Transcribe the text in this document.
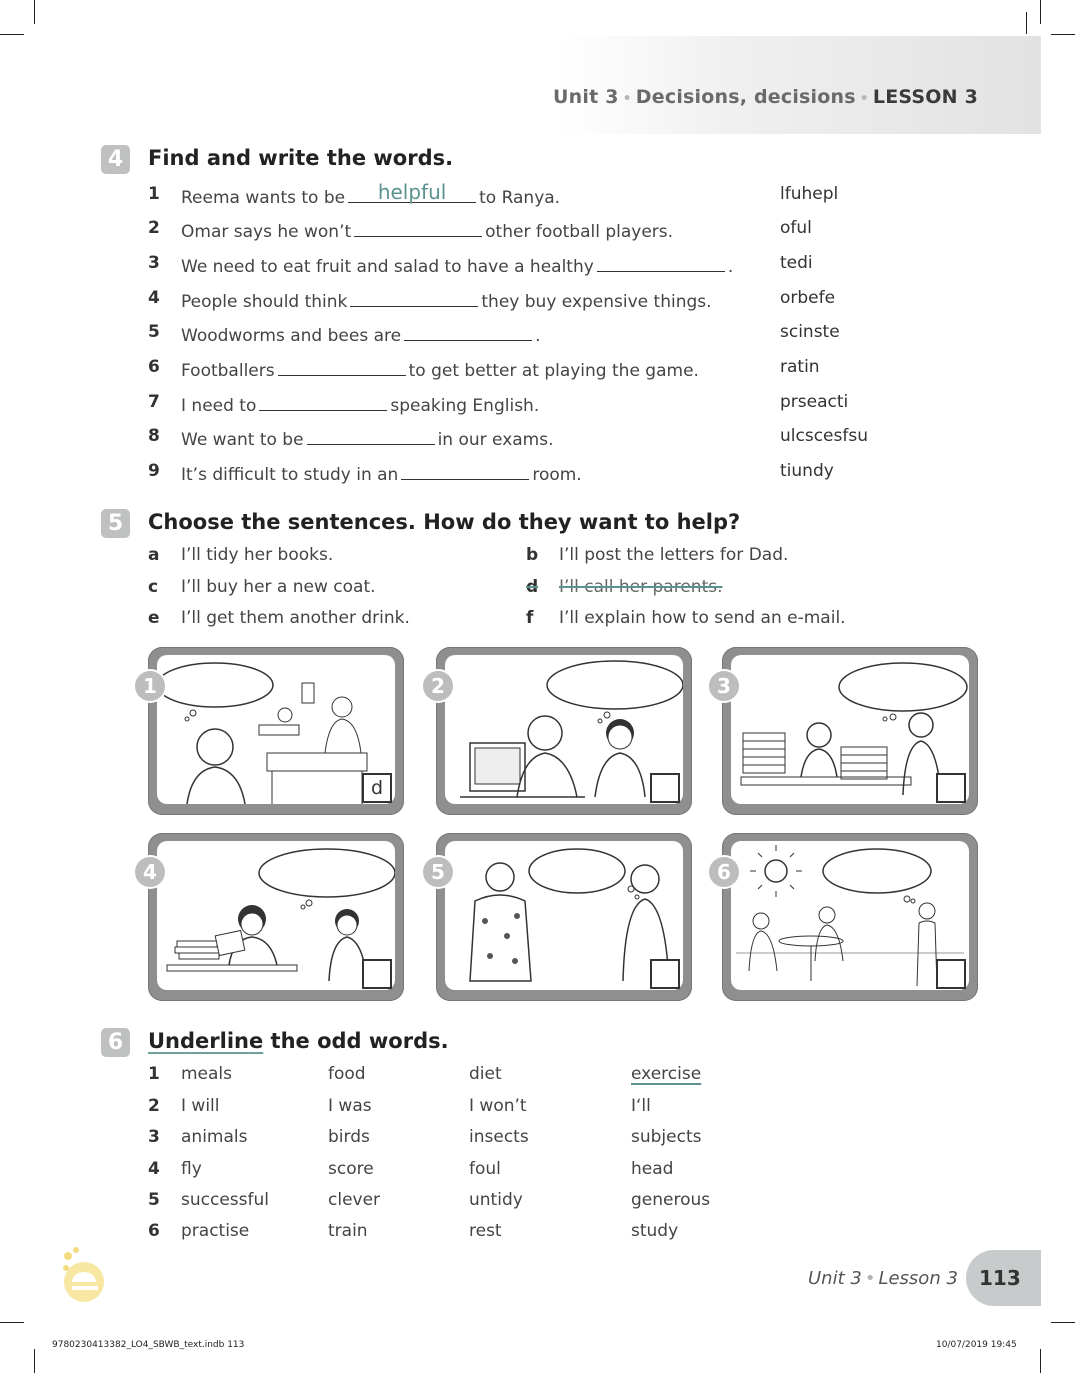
Unit 3 • Decisions, decisions • LESSON 3
4	Find and write the words.
1	Reema wants to be	helpful	to Ranya.	lfuhepl
2	Omar says he won’t	other football players.	oful
3	We need to eat fruit and salad to have a healthy	.	tedi
4	People should think	they buy expensive things.	orbefe
5	Woodworms and bees are	.	scinste
6	Footballers	to get better at playing the game.	ratin
7	I need to	speaking English.	prseacti
8	We want to be	in our exams.	ulcscesfsu
9	It’s difficult to study in an	room.	tiundy
5	Choose the sentences. How do they want to help?
a I’ll tidy her books.	b I’ll post the letters for Dad.
c I’ll buy her a new coat.	d I’ll call her parents.
e I’ll get them another drink.	f I’ll explain how to send an e-mail.
1
d
2	3
4	5	6
6	Underline the odd words.
1	meals	food	diet	exercise
2	I will	I was	I won’t	I‘ll
3	animals	birds	insects	subjects
4	fly	score	foul	head
5	successful	clever	untidy	generous
6	practise	train	rest	study
Unit 3 • Lesson 3 113
9780230413382_LO4_SBWB_text.indb 113	10/07/2019 19:45
